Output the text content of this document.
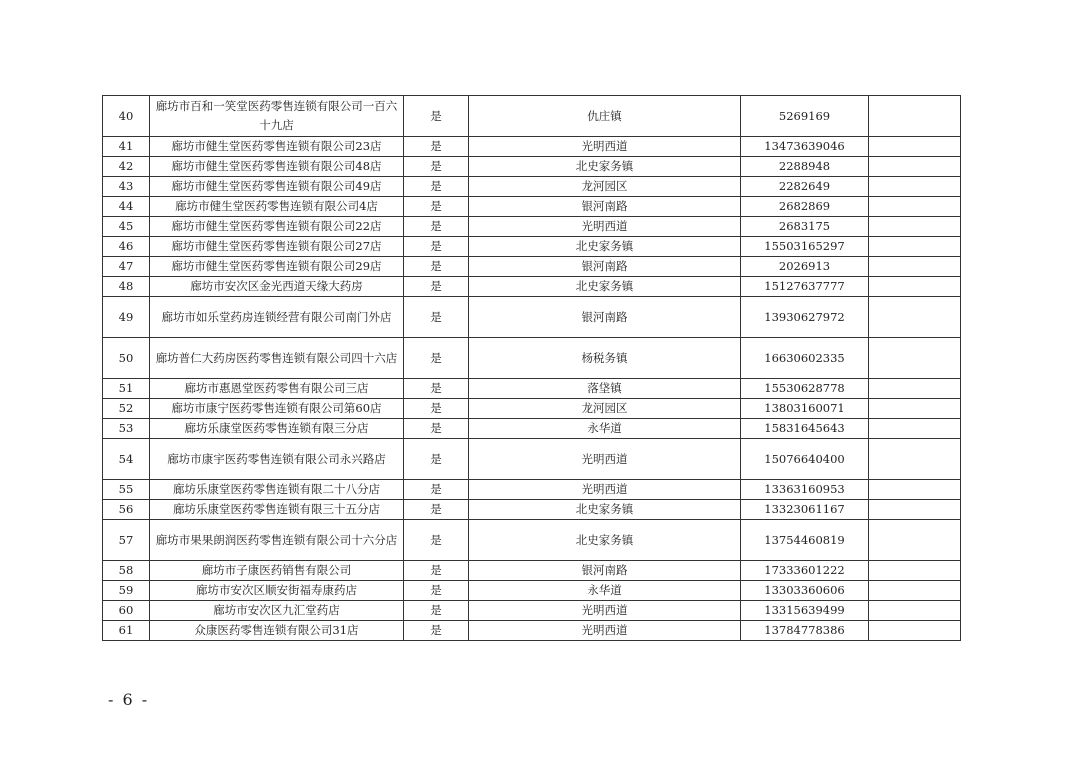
40	廊坊市百和一笑堂医药零售连锁有限公司一百六十九店	是	仇庄镇	5269169	
41	廊坊市健生堂医药零售连锁有限公司23店	是	光明西道	13473639046	
42	廊坊市健生堂医药零售连锁有限公司48店	是	北史家务镇	2288948	
43	廊坊市健生堂医药零售连锁有限公司49店	是	龙河园区	2282649	
44	廊坊市健生堂医药零售连锁有限公司4店	是	银河南路	2682869	
45	廊坊市健生堂医药零售连锁有限公司22店	是	光明西道	2683175	
46	廊坊市健生堂医药零售连锁有限公司27店	是	北史家务镇	15503165297	
47	廊坊市健生堂医药零售连锁有限公司29店	是	银河南路	2026913	
48	廊坊市安次区金光西道天缘大药房	是	北史家务镇	15127637777	
49	廊坊市如乐堂药房连锁经营有限公司南门外店	是	银河南路	13930627972	
50	廊坊普仁大药房医药零售连锁有限公司四十六店	是	杨税务镇	16630602335	
51	廊坊市惠恩堂医药零售有限公司三店	是	落垡镇	15530628778	
52	廊坊市康宁医药零售连锁有限公司第60店	是	龙河园区	13803160071	
53	廊坊乐康堂医药零售连锁有限三分店	是	永华道	15831645643	
54	廊坊市康宇医药零售连锁有限公司永兴路店	是	光明西道	15076640400	
55	廊坊乐康堂医药零售连锁有限二十八分店	是	光明西道	13363160953	
56	廊坊乐康堂医药零售连锁有限三十五分店	是	北史家务镇	13323061167	
57	廊坊市果果朗润医药零售连锁有限公司十六分店	是	北史家务镇	13754460819	
58	廊坊市子康医药销售有限公司	是	银河南路	17333601222	
59	廊坊市安次区顺安街福寿康药店	是	永华道	13303360606	
60	廊坊市安次区九汇堂药店	是	光明西道	13315639499	
61	众康医药零售连锁有限公司31店	是	光明西道	13784778386	
- 6 -
